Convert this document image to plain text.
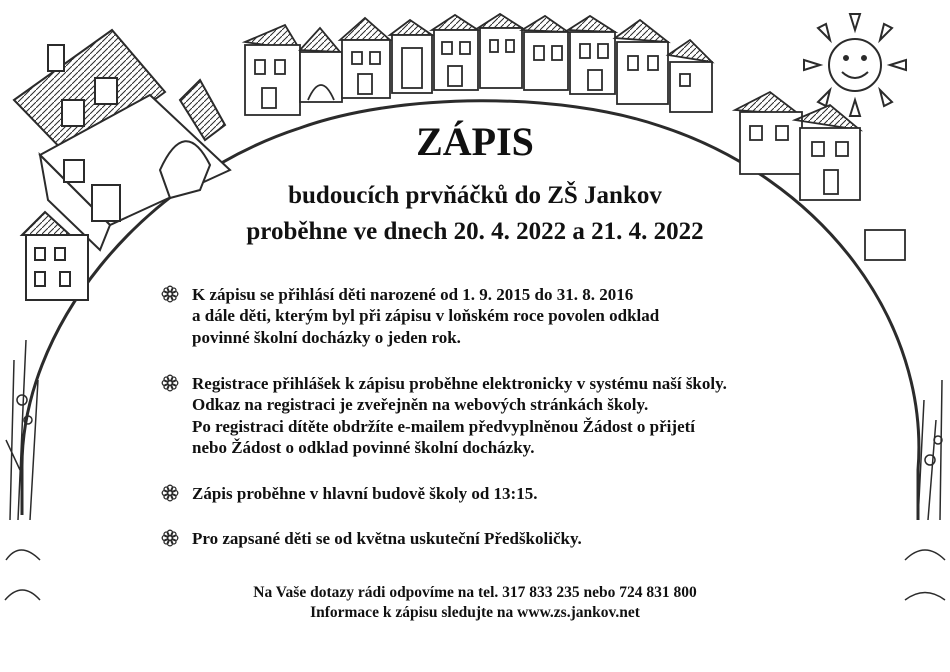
ZÁPIS
budoucích prvňáčků do ZŠ Jankov
proběhne ve dnech 20. 4. 2022 a 21. 4. 2022
K zápisu se přihlásí děti narozené od 1. 9. 2015 do 31. 8. 2016
a dále děti, kterým byl při zápisu v loňském roce povolen odklad
povinné školní docházky o jeden rok.
Registrace přihlášek k zápisu proběhne elektronicky v systému naší školy.
Odkaz na registraci je zveřejněn na webových stránkách školy.
Po registraci dítěte obdržíte e-mailem předvyplněnou Žádost o přijetí
nebo Žádost o odklad povinné školní docházky.
Zápis proběhne v hlavní budově školy od 13:15.
Pro zapsané děti se od května uskuteční Předškoličky.
Na Vaše dotazy rádi odpovíme na tel. 317 833 235 nebo 724 831 800
Informace k zápisu sledujte na www.zs.jankov.net
